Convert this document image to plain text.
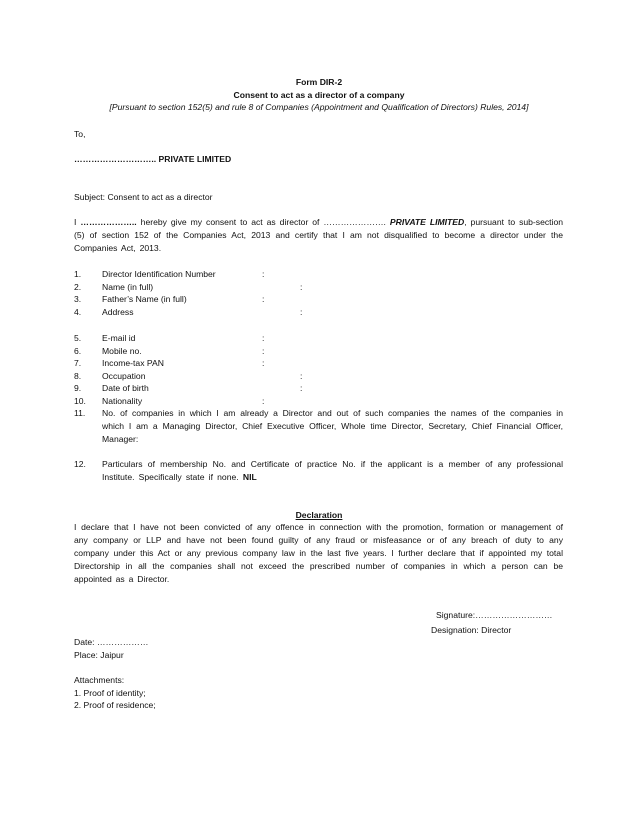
Form DIR-2
Consent to act as a director of a company
[Pursuant to section 152(5) and rule 8 of Companies (Appointment and Qualification of Directors) Rules, 2014]
To,
……………………….. PRIVATE LIMITED
Subject: Consent to act as a director
I ……………….. hereby give my consent to act as director of …………………. PRIVATE LIMITED, pursuant to sub-section (5) of section 152 of the Companies Act, 2013 and certify that I am not disqualified to become a director under the Companies Act, 2013.
1.	Director Identification Number	:
2.	Name (in full)	:
3.	Father’s Name (in full)	:
4.	Address	:
5.	E-mail id	:
6.	Mobile no.	:
7.	Income-tax PAN	:
8.	Occupation	:
9.	Date of birth	:
10.	Nationality	:
11.	No. of companies in which I am already a Director and out of such companies the names of the companies in which I am a Managing Director, Chief Executive Officer, Whole time Director, Secretary, Chief Financial Officer, Manager:
12.	Particulars of membership No. and Certificate of practice No. if the applicant is a member of any professional Institute. Specifically state if none. NIL
Declaration
I declare that I have not been convicted of any offence in connection with the promotion, formation or management of any company or LLP and have not been found guilty of any fraud or misfeasance or of any breach of duty to any company under this Act or any previous company law in the last five years. I further declare that if appointed my total Directorship in all the companies shall not exceed the prescribed number of companies in which a person can be appointed as a Director.
Signature:………………………
Designation: Director
Date: ………………
Place: Jaipur
Attachments:
1. Proof of identity;
2. Proof of residence;
